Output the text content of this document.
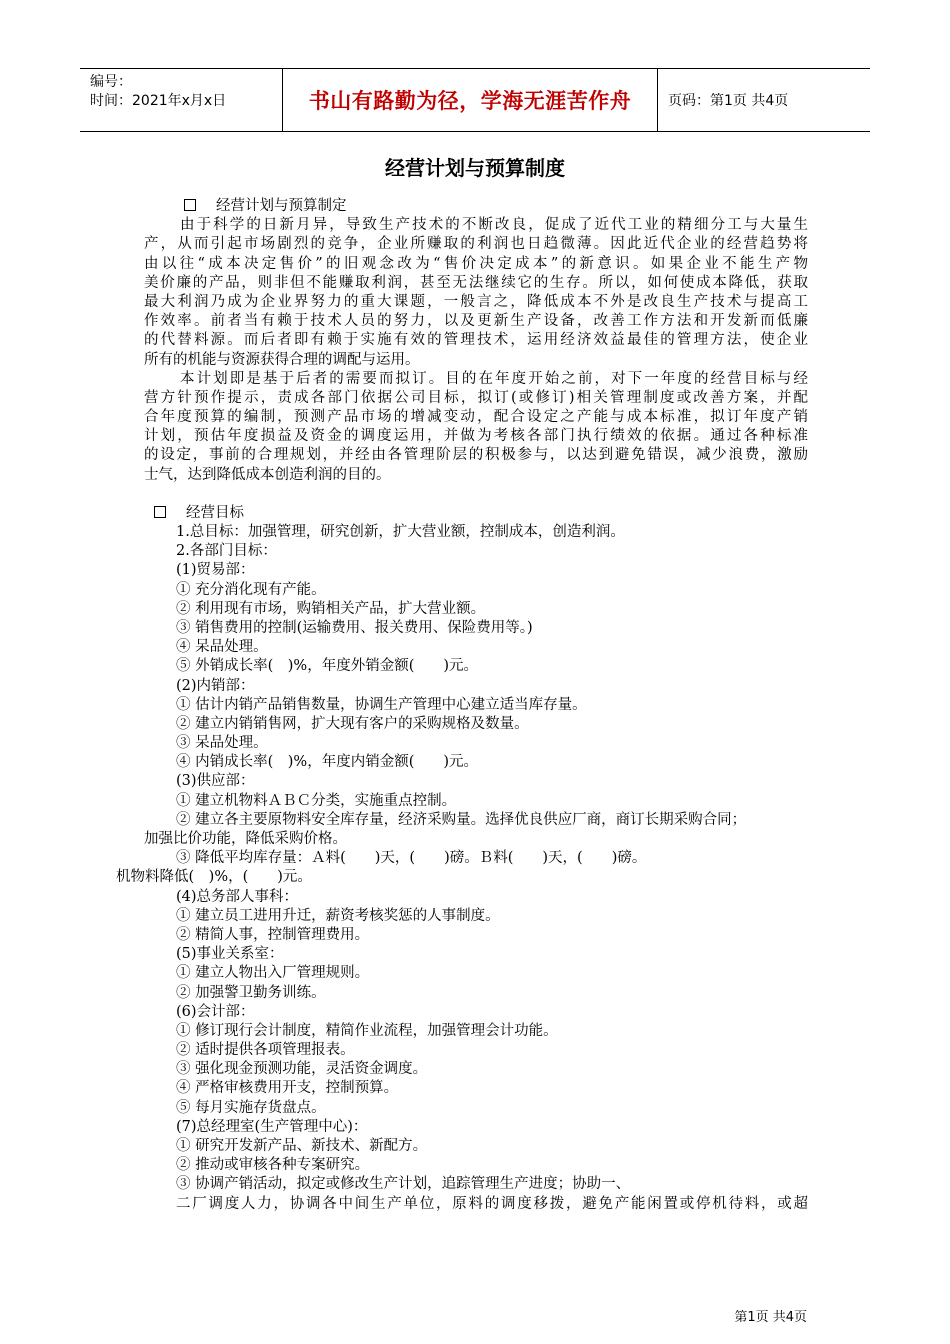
编号：
时间：2021年x月x日	书山有路勤为径，学海无涯苦作舟	页码：第1页 共4页
经营计划与预算制度
经营计划与预算制定
由于科学的日新月异，导致生产技术的不断改良，促成了近代工业的精细分工与大量生
产，从而引起市场剧烈的竞争，企业所赚取的利润也日趋微薄。因此近代企业的经营趋势将
由以往“成本决定售价”的旧观念改为“售价决定成本”的新意识。如果企业不能生产物
美价廉的产品，则非但不能赚取利润，甚至无法继续它的生存。所以，如何使成本降低，获取
最大利润乃成为企业界努力的重大课题，一般言之，降低成本不外是改良生产技术与提高工
作效率。前者当有赖于技术人员的努力，以及更新生产设备，改善工作方法和开发新而低廉
的代替料源。而后者即有赖于实施有效的管理技术，运用经济效益最佳的管理方法，使企业
所有的机能与资源获得合理的调配与运用。
本计划即是基于后者的需要而拟订。目的在年度开始之前，对下一年度的经营目标与经
营方针预作提示，责成各部门依据公司目标，拟订(或修订)相关管理制度或改善方案，并配
合年度预算的编制，预测产品市场的增减变动，配合设定之产能与成本标准，拟订年度产销
计划，预估年度损益及资金的调度运用，并做为考核各部门执行绩效的依据。通过各种标准
的设定，事前的合理规划，并经由各管理阶层的积极参与，以达到避免错误，减少浪费，激励
士气，达到降低成本创造利润的目的。
经营目标
1.总目标：加强管理，研究创新，扩大营业额，控制成本，创造利润。
2.各部门目标：
(1)贸易部：
① 充分消化现有产能。
② 利用现有市场，购销相关产品，扩大营业额。
③ 销售费用的控制(运输费用、报关费用、保险费用等。)
④ 呆品处理。
⑤ 外销成长率(　)%，年度外销金额(　　)元。
(2)内销部：
① 估计内销产品销售数量，协调生产管理中心建立适当库存量。
② 建立内销销售网，扩大现有客户的采购规格及数量。
③ 呆品处理。
④ 内销成长率(　)%，年度内销金额(　　)元。
(3)供应部：
① 建立机物料ＡＢＣ分类，实施重点控制。
② 建立各主要原物料安全库存量，经济采购量。选择优良供应厂商，商订长期采购合同；
加强比价功能，降低采购价格。
③ 降低平均库存量：Ａ料(　　)天，(　　)磅。Ｂ料(　　)天，(　　)磅。
机物料降低(　)%，(　　)元。
(4)总务部人事科：
① 建立员工进用升迁，薪资考核奖惩的人事制度。
② 精简人事，控制管理费用。
(5)事业关系室：
① 建立人物出入厂管理规则。
② 加强警卫勤务训练。
(6)会计部：
① 修订现行会计制度，精简作业流程，加强管理会计功能。
② 适时提供各项管理报表。
③ 强化现金预测功能，灵活资金调度。
④ 严格审核费用开支，控制预算。
⑤ 每月实施存货盘点。
(7)总经理室(生产管理中心)：
① 研究开发新产品、新技术、新配方。
② 推动或审核各种专案研究。
③ 协调产销活动，拟定或修改生产计划，追踪管理生产进度；协助一、
二厂调度人力，协调各中间生产单位，原料的调度移拨，避免产能闲置或停机待料，或超
第1页 共4页
